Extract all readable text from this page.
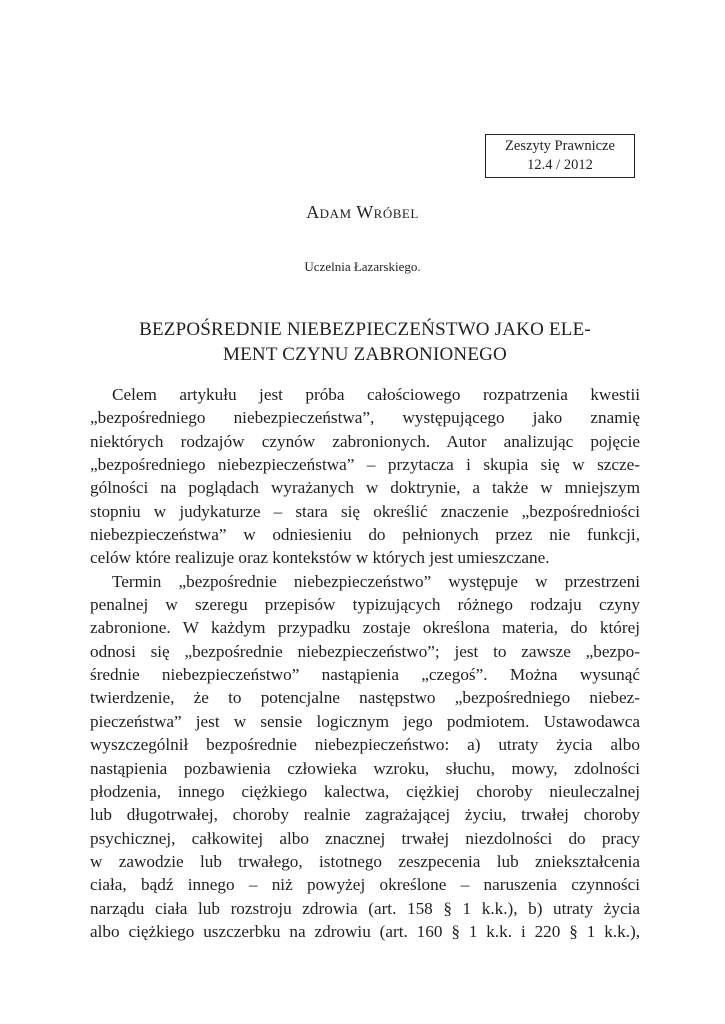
Zeszyty Prawnicze
12.4 / 2012
Adam Wróbel
Uczelnia Łazarskiego.
BEZPOŚREDNIE NIEBEZPIECZEŃSTWO JAKO ELE-
MENT CZYNU ZABRONIONEGO
Celem artykułu jest próba całościowego rozpatrzenia kwestii
„bezpośredniego niebezpieczeństwa”, występującego jako znamię
niektórych rodzajów czynów zabronionych. Autor analizując pojęcie
„bezpośredniego niebezpieczeństwa” – przytacza i skupia się w szcze-
gólności na poglądach wyrażanych w doktrynie, a także w mniejszym
stopniu w judykaturze – stara się określić znaczenie „bezpośredniości
niebezpieczeństwa” w odniesieniu do pełnionych przez nie funkcji,
celów które realizuje oraz kontekstów w których jest umieszczane.
Termin „bezpośrednie niebezpieczeństwo” występuje w przestrzeni
penalnej w szeregu przepisów typizujących różnego rodzaju czyny
zabronione. W każdym przypadku zostaje określona materia, do której
odnosi się „bezpośrednie niebezpieczeństwo”; jest to zawsze „bezpo-
średnie niebezpieczeństwo” nastąpienia „czegoś”. Można wysunąć
twierdzenie, że to potencjalne następstwo „bezpośredniego niebez-
pieczeństwa” jest w sensie logicznym jego podmiotem. Ustawodawca
wyszczególnił bezpośrednie niebezpieczeństwo: a) utraty życia albo
nastąpienia pozbawienia człowieka wzroku, słuchu, mowy, zdolności
płodzenia, innego ciężkiego kalectwa, ciężkiej choroby nieuleczalnej
lub długotrwałej, choroby realnie zagrażającej życiu, trwałej choroby
psychicznej, całkowitej albo znacznej trwałej niezdolności do pracy
w zawodzie lub trwałego, istotnego zeszpecenia lub zniekształcenia
ciała, bądź innego – niż powyżej określone – naruszenia czynności
narządu ciała lub rozstroju zdrowia (art. 158 § 1 k.k.), b) utraty życia
albo ciężkiego uszczerbku na zdrowiu (art. 160 § 1 k.k. i 220 § 1 k.k.),
